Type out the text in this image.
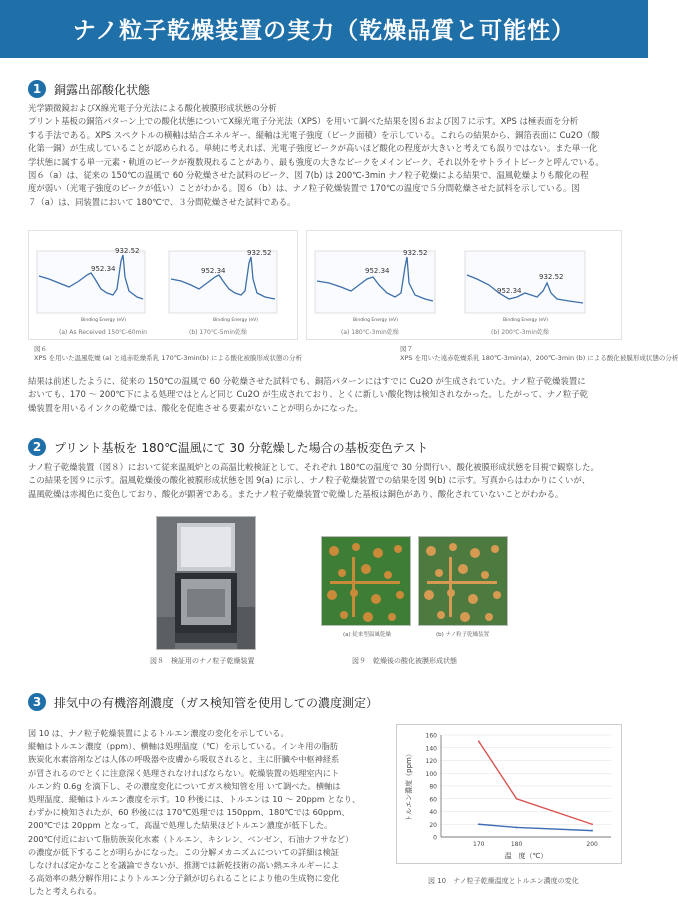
ナノ粒子乾燥装置の実力（乾燥品質と可能性）
1	銅露出部酸化状態
光学顕微鏡およびX線光電子分光法による酸化被膜形成状態の分析
プリント基板の銅箔パターン上での酸化状態についてX線光電子分光法（XPS）を用いて調べた結果を図６および図７に示す。XPS は極表面を分析
する手法である。XPS スペクトルの横軸は結合エネルギー、縦軸は光電子強度（ピーク面積）を示している。これらの結果から、銅箔表面に Cu2O（酸
化第一銅）が生成していることが認められる。単純に考えれば、光電子強度ピークが高いほど酸化の程度が大きいと考えても誤りではない。また単一化
学状態に属する単一元素・軌道のピークが複数現れることがあり、最も強度の大きなピークをメインピーク、それ以外をサトライトピークと呼んでいる。
図６（a）は、従来の 150℃の温風で 60 分乾燥させた試料のピーク、図 7(b) は 200℃-3min ナノ粒子乾燥による結果で、温風乾燥よりも酸化の程
度が弱い（光電子強度のピークが低い）ことがわかる。図６（b）は、ナノ粒子乾燥装置で 170℃の温度で５分間乾燥させた試料を示している。図
７（a）は、同装置において 180℃で、３分間乾燥させた試料である。
952.34
932.52
Binding Energy (eV)
952.34
932.52
Binding Energy (eV)
(a) As Received 150℃-60min	(b) 170℃-5min乾燥
952.34
932.52
Binding Energy (eV)
952.34
932.52
Binding Energy (eV)
(a) 180℃-3min乾燥	(b) 200℃-3min乾燥
図６
XPS を用いた温風乾燥 (a) と遠赤乾燥系乳 170℃-3min(b) による酸化被膜形成状態の分析
図７
XPS を用いた遠赤乾燥系乳 180℃-3min(a)、200℃-3min (b) による酸化被膜形成状態の分析
結果は前述したように、従来の 150℃の温風で 60 分乾燥させた試料でも、銅箔パターンにはすでに Cu2O が生成されていた。ナノ粒子乾燥装置に
おいても、170 ～ 200℃下による処理ではとんど同じ Cu2O が生成されており、とくに新しい酸化物は検知されなかった。したがって、ナノ粒子乾
燥装置を用いるインクの乾燥では、酸化を促進させる要素がないことが明らかになった。
2	プリント基板を 180℃温風にて 30 分乾燥した場合の基板変色テスト
ナノ粒子乾燥装置（図８）において従来温風炉との高温比較検証として、それぞれ 180℃の温度で 30 分間行い、酸化被膜形成状態を目視で観察した。
この結果を図９に示す。温風乾燥後の酸化被膜形成状態を図 9(a) に示し、ナノ粒子乾燥装置での結果を図 9(b) に示す。写真からはわかりにくいが、
温風乾燥は赤褐色に変色しており、酸化が顕著である。またナノ粒子乾燥装置で乾燥した基板は銅色があり、酸化されていないことがわかる。
(a) 従来型温風乾燥	(b) ナノ粒子乾燥装置
図８　検証用のナノ粒子乾燥装置	図９　乾燥後の酸化被膜形成状態
3	排気中の有機溶剤濃度（ガス検知管を使用しての濃度測定）
図 10 は、ナノ粒子乾燥装置によるトルエン濃度の変化を示している。
縦軸はトルエン濃度（ppm）、横軸は処理温度（℃）を示している。インキ用の脂肪
族炭化水素溶剤などは人体の呼吸器や皮膚から吸収されると、主に肝臓や中枢神経系
が冒されるのでとくに注意深く処理されなければならない。乾燥装置の処理室内にト
ルエン約 0.6g を滴下し、その濃度変化についてガス検知管を用 いて調べた。横軸は
処理温度、縦軸はトルエン濃度を示す。10 秒後には、トルエンは 10 ～ 20ppm となり、
わずかに検知されたが、60 秒後には 170℃処理では 150ppm、180℃では 60ppm、
200℃では 20ppm となって、高温で処理した結果ほどトルエン濃度が低下した。
200℃付近において脂肪族炭化水素（トルエン、キシレン、ベンゼン、石油ナフサなど）
の濃度が低下することが明らかになった。この分解メカニズムについての詳細は検証
しなければ定かなことを議論できないが、推測では新乾技術の高い熱エネルギーによ
る高効率の熱分解作用によりトルエン分子鎖が切られることにより他の生成物に変化
したと考えられる。
0
20
40
60
80
100
120
140
160
170	180	200
温　度（℃）
トルエン濃度（ppm）
図 10　ナノ粒子乾燥温度とトルエン濃度の変化
